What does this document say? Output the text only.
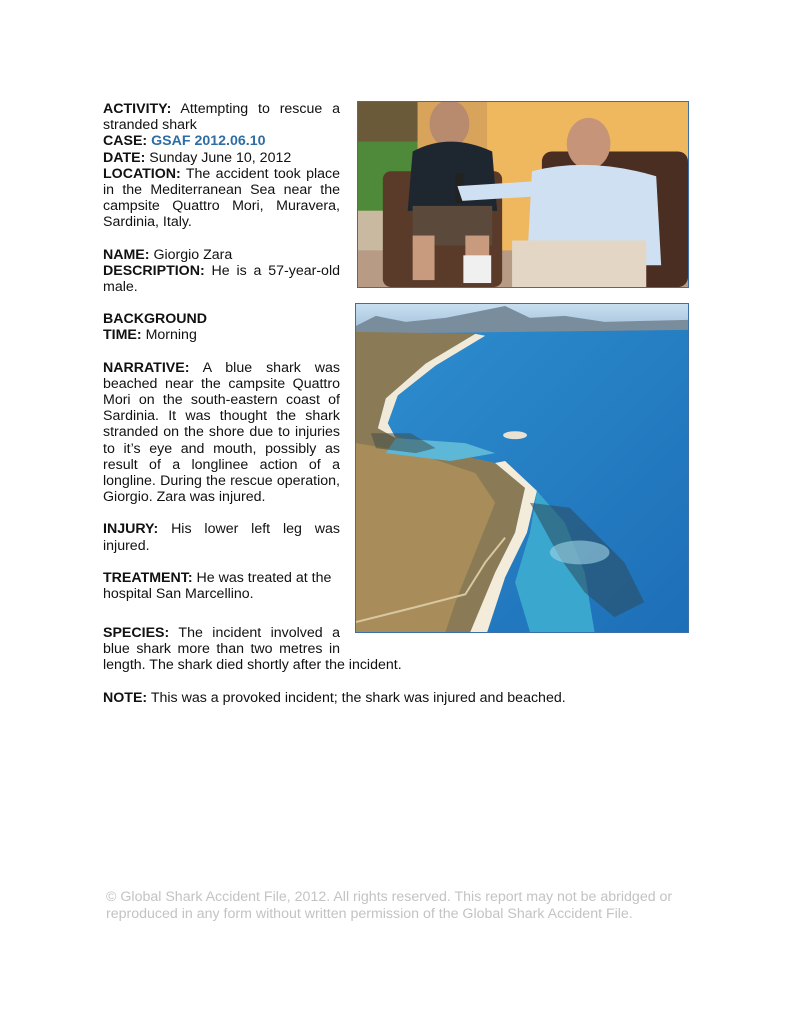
ACTIVITY: Attempting to rescue a stranded shark
CASE: GSAF 2012.06.10
DATE: Sunday June 10, 2012
LOCATION: The accident took place in the Mediterranean Sea near the campsite Quattro Mori, Muravera, Sardinia, Italy.
NAME: Giorgio Zara
DESCRIPTION: He is a 57-year-old male.
BACKGROUND
TIME: Morning
NARRATIVE: A blue shark was beached near the campsite Quattro Mori on the south-eastern coast of Sardinia. It was thought the shark stranded on the shore due to injuries to it’s eye and mouth, possibly as result of a longlinee action of a longline. During the rescue operation, Giorgio. Zara was injured.
INJURY: His lower left leg was injured.
TREATMENT: He was treated at the hospital San Marcellino.
SPECIES: The incident involved a
blue shark more than two metres in
length. The shark died shortly after the incident.
NOTE: This was a provoked incident; the shark was injured and beached.
© Global Shark Accident File, 2012. All rights reserved. This report may not be abridged or
reproduced in any form without written permission of the Global Shark Accident File.
